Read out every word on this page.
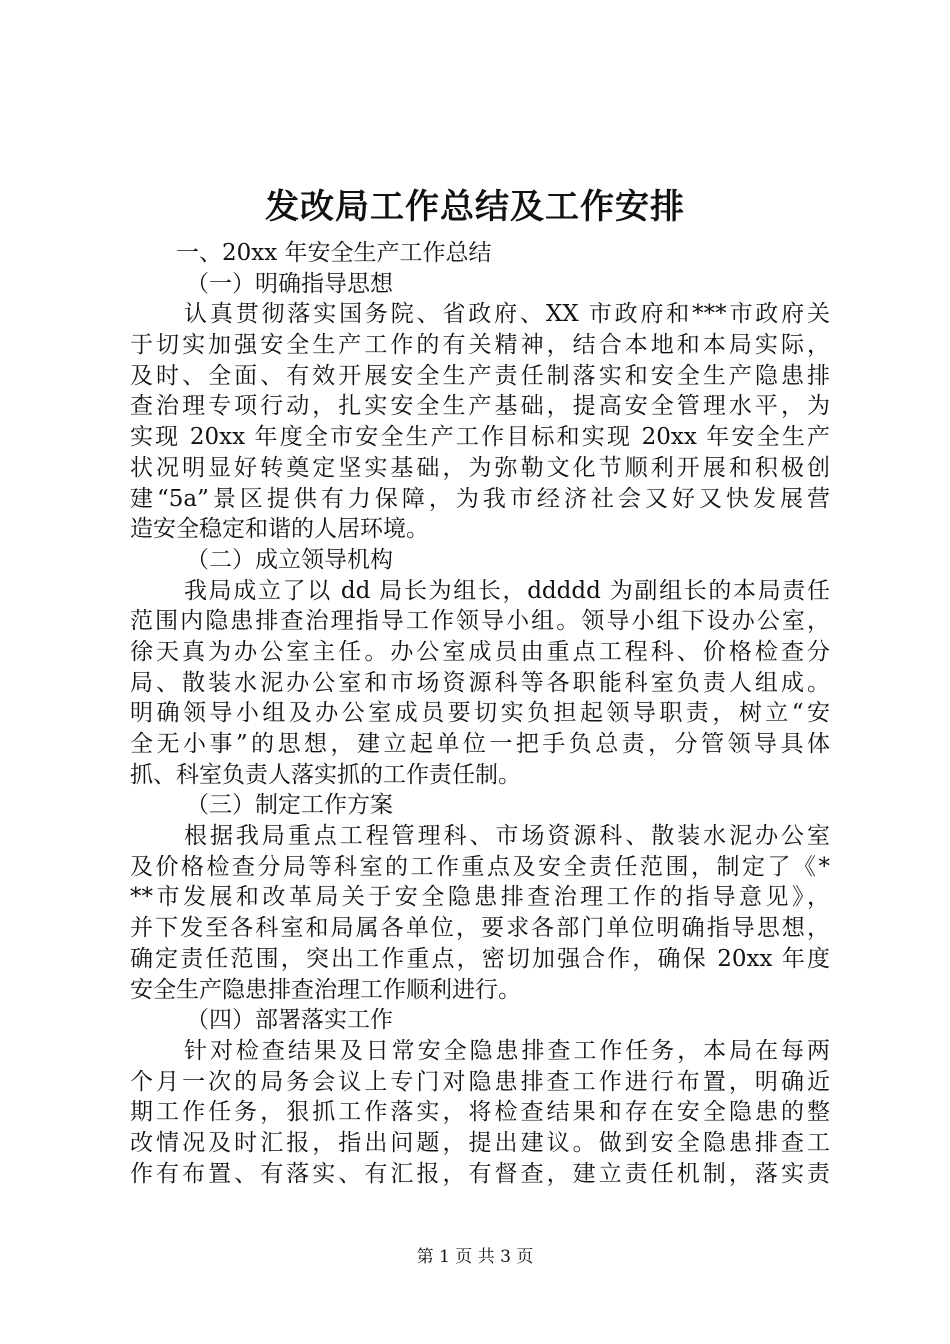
发改局工作总结及工作安排
一、20xx 年安全生产工作总结
（一）明确指导思想
认真贯彻落实国务院、省政府、XX 市政府和***市政府关
于切实加强安全生产工作的有关精神，结合本地和本局实际，
及时、全面、有效开展安全生产责任制落实和安全生产隐患排
查治理专项行动，扎实安全生产基础，提高安全管理水平，为
实现 20xx 年度全市安全生产工作目标和实现 20xx 年安全生产
状况明显好转奠定坚实基础，为弥勒文化节顺利开展和积极创
建“5a”景区提供有力保障，为我市经济社会又好又快发展营
造安全稳定和谐的人居环境。
（二）成立领导机构
我局成立了以 dd 局长为组长，ddddd 为副组长的本局责任
范围内隐患排查治理指导工作领导小组。领导小组下设办公室，
徐天真为办公室主任。办公室成员由重点工程科、价格检查分
局、散装水泥办公室和市场资源科等各职能科室负责人组成。
明确领导小组及办公室成员要切实负担起领导职责，树立“安
全无小事”的思想，建立起单位一把手负总责，分管领导具体
抓、科室负责人落实抓的工作责任制。
（三）制定工作方案
根据我局重点工程管理科、市场资源科、散装水泥办公室
及价格检查分局等科室的工作重点及安全责任范围，制定了《*
**市发展和改革局关于安全隐患排查治理工作的指导意见》，
并下发至各科室和局属各单位，要求各部门单位明确指导思想，
确定责任范围，突出工作重点，密切加强合作，确保 20xx 年度
安全生产隐患排查治理工作顺利进行。
（四）部署落实工作
针对检查结果及日常安全隐患排查工作任务，本局在每两
个月一次的局务会议上专门对隐患排查工作进行布置，明确近
期工作任务，狠抓工作落实，将检查结果和存在安全隐患的整
改情况及时汇报，指出问题，提出建议。做到安全隐患排查工
作有布置、有落实、有汇报，有督查，建立责任机制，落实责
第 1 页 共 3 页
